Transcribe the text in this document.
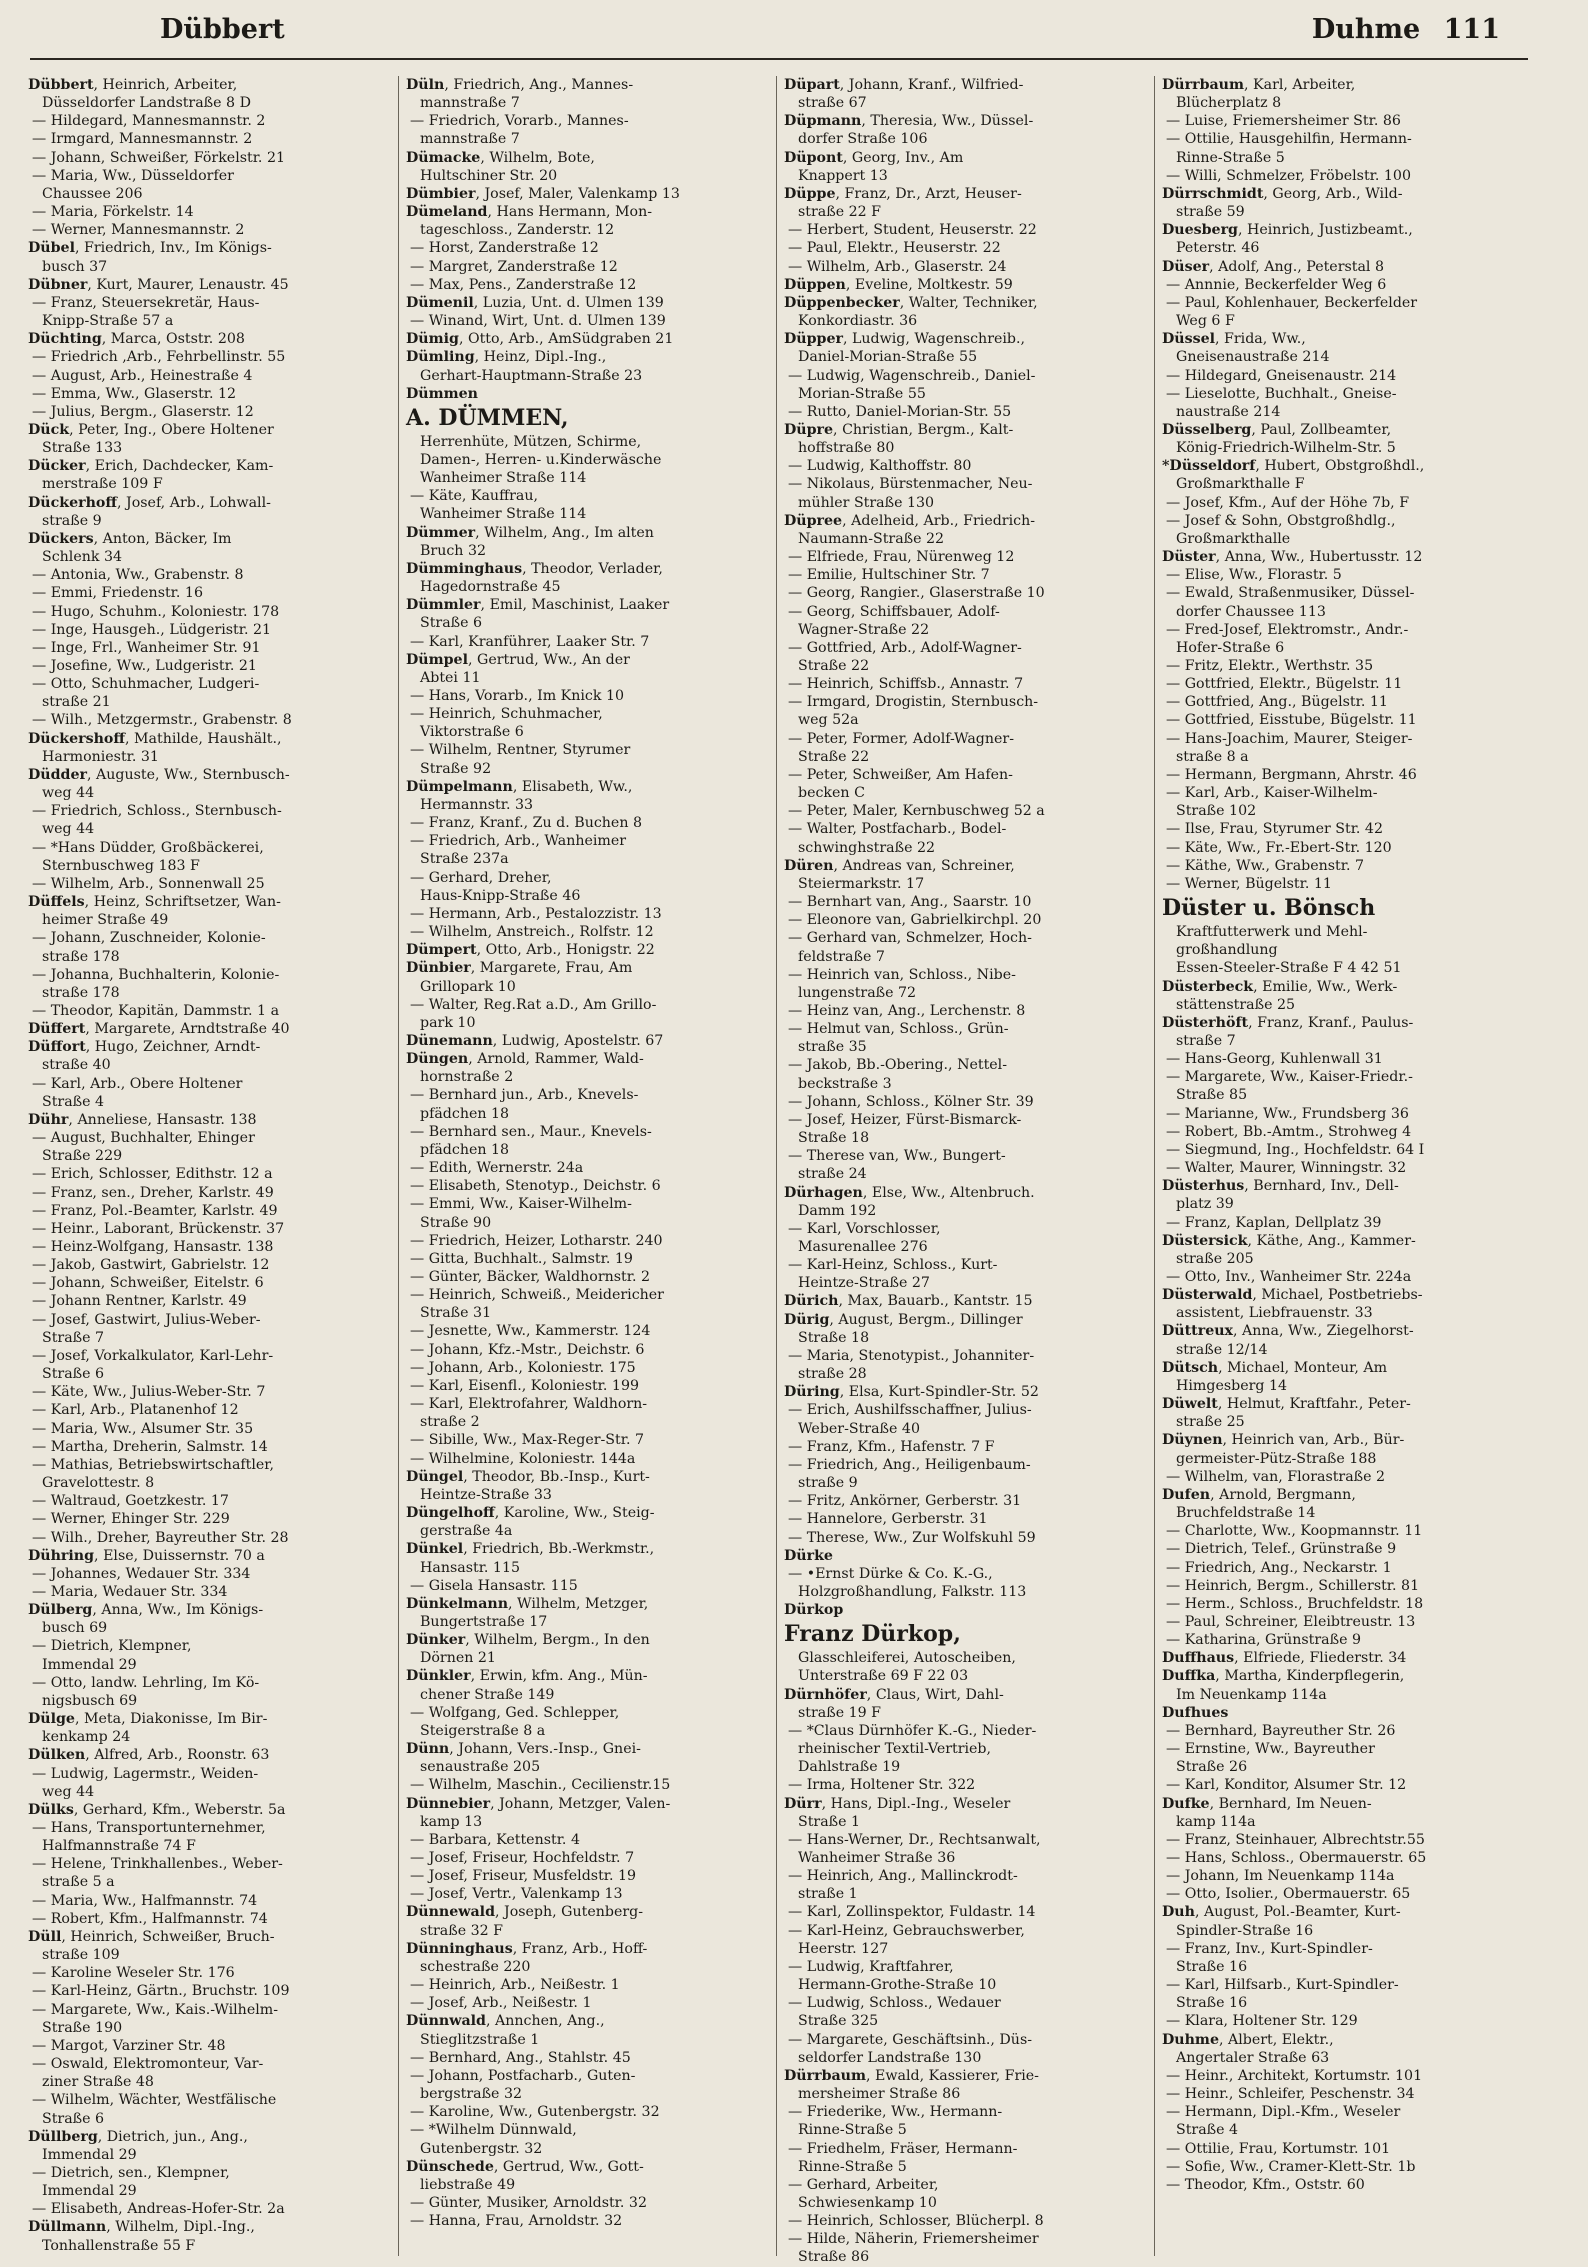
Dübbert	Duhme 111
Dübbert, Heinrich, Arbeiter,
Düsseldorfer Landstraße 8 D
— Hildegard, Mannesmannstr. 2
— Irmgard, Mannesmannstr. 2
— Johann, Schweißer, Förkelstr. 21
— Maria, Ww., Düsseldorfer
Chaussee 206
— Maria, Förkelstr. 14
— Werner, Mannesmannstr. 2
Dübel, Friedrich, Inv., Im Königs-
busch 37
Dübner, Kurt, Maurer, Lenaustr. 45
— Franz, Steuersekretär, Haus-
Knipp-Straße 57 a
Düchting, Marca, Oststr. 208
— Friedrich ,Arb., Fehrbellinstr. 55
— August, Arb., Heinestraße 4
— Emma, Ww., Glaserstr. 12
— Julius, Bergm., Glaserstr. 12
Dück, Peter, Ing., Obere Holtener
Straße 133
Dücker, Erich, Dachdecker, Kam-
merstraße 109 F
Dückerhoff, Josef, Arb., Lohwall-
straße 9
Dückers, Anton, Bäcker, Im
Schlenk 34
— Antonia, Ww., Grabenstr. 8
— Emmi, Friedenstr. 16
— Hugo, Schuhm., Koloniestr. 178
— Inge, Hausgeh., Lüdgeristr. 21
— Inge, Frl., Wanheimer Str. 91
— Josefine, Ww., Ludgeristr. 21
— Otto, Schuhmacher, Ludgeri-
straße 21
— Wilh., Metzgermstr., Grabenstr. 8
Dückershoff, Mathilde, Haushält.,
Harmoniestr. 31
Düdder, Auguste, Ww., Sternbusch-
weg 44
— Friedrich, Schloss., Sternbusch-
weg 44
— *Hans Düdder, Großbäckerei,
Sternbuschweg 183 F
— Wilhelm, Arb., Sonnenwall 25
Düffels, Heinz, Schriftsetzer, Wan-
heimer Straße 49
— Johann, Zuschneider, Kolonie-
straße 178
— Johanna, Buchhalterin, Kolonie-
straße 178
— Theodor, Kapitän, Dammstr. 1 a
Düffert, Margarete, Arndtstraße 40
Düffort, Hugo, Zeichner, Arndt-
straße 40
— Karl, Arb., Obere Holtener
Straße 4
Dühr, Anneliese, Hansastr. 138
— August, Buchhalter, Ehinger
Straße 229
— Erich, Schlosser, Edithstr. 12 a
— Franz, sen., Dreher, Karlstr. 49
— Franz, Pol.-Beamter, Karlstr. 49
— Heinr., Laborant, Brückenstr. 37
— Heinz-Wolfgang, Hansastr. 138
— Jakob, Gastwirt, Gabrielstr. 12
— Johann, Schweißer, Eitelstr. 6
— Johann Rentner, Karlstr. 49
— Josef, Gastwirt, Julius-Weber-
Straße 7
— Josef, Vorkalkulator, Karl-Lehr-
Straße 6
— Käte, Ww., Julius-Weber-Str. 7
— Karl, Arb., Platanenhof 12
— Maria, Ww., Alsumer Str. 35
— Martha, Dreherin, Salmstr. 14
— Mathias, Betriebswirtschaftler,
Gravelottestr. 8
— Waltraud, Goetzkestr. 17
— Werner, Ehinger Str. 229
— Wilh., Dreher, Bayreuther Str. 28
Dühring, Else, Duissernstr. 70 a
— Johannes, Wedauer Str. 334
— Maria, Wedauer Str. 334
Dülberg, Anna, Ww., Im Königs-
busch 69
— Dietrich, Klempner,
Immendal 29
— Otto, landw. Lehrling, Im Kö-
nigsbusch 69
Dülge, Meta, Diakonisse, Im Bir-
kenkamp 24
Dülken, Alfred, Arb., Roonstr. 63
— Ludwig, Lagermstr., Weiden-
weg 44
Dülks, Gerhard, Kfm., Weberstr. 5a
— Hans, Transportunternehmer,
Halfmannstraße 74 F
— Helene, Trinkhallenbes., Weber-
straße 5 a
— Maria, Ww., Halfmannstr. 74
— Robert, Kfm., Halfmannstr. 74
Düll, Heinrich, Schweißer, Bruch-
straße 109
— Karoline Weseler Str. 176
— Karl-Heinz, Gärtn., Bruchstr. 109
— Margarete, Ww., Kais.-Wilhelm-
Straße 190
— Margot, Varziner Str. 48
— Oswald, Elektromonteur, Var-
ziner Straße 48
— Wilhelm, Wächter, Westfälische
Straße 6
Düllberg, Dietrich, jun., Ang.,
Immendal 29
— Dietrich, sen., Klempner,
Immendal 29
— Elisabeth, Andreas-Hofer-Str. 2a
Düllmann, Wilhelm, Dipl.-Ing.,
Tonhallenstraße 55 F
Düln, Friedrich, Ang., Mannes-
mannstraße 7
— Friedrich, Vorarb., Mannes-
mannstraße 7
Dümacke, Wilhelm, Bote,
Hultschiner Str. 20
Dümbier, Josef, Maler, Valenkamp 13
Dümeland, Hans Hermann, Mon-
tageschloss., Zanderstr. 12
— Horst, Zanderstraße 12
— Margret, Zanderstraße 12
— Max, Pens., Zanderstraße 12
Dümenil, Luzia, Unt. d. Ulmen 139
— Winand, Wirt, Unt. d. Ulmen 139
Dümig, Otto, Arb., AmSüdgraben 21
Dümling, Heinz, Dipl.-Ing.,
Gerhart-Hauptmann-Straße 23
Dümmen
A. DÜMMEN,
Herrenhüte, Mützen, Schirme,
Damen-, Herren- u.Kinderwäsche
Wanheimer Straße 114
— Käte, Kauffrau,
Wanheimer Straße 114
Dümmer, Wilhelm, Ang., Im alten
Bruch 32
Dümminghaus, Theodor, Verlader,
Hagedornstraße 45
Dümmler, Emil, Maschinist, Laaker
Straße 6
— Karl, Kranführer, Laaker Str. 7
Dümpel, Gertrud, Ww., An der
Abtei 11
— Hans, Vorarb., Im Knick 10
— Heinrich, Schuhmacher,
Viktorstraße 6
— Wilhelm, Rentner, Styrumer
Straße 92
Dümpelmann, Elisabeth, Ww.,
Hermannstr. 33
— Franz, Kranf., Zu d. Buchen 8
— Friedrich, Arb., Wanheimer
Straße 237a
— Gerhard, Dreher,
Haus-Knipp-Straße 46
— Hermann, Arb., Pestalozzistr. 13
— Wilhelm, Anstreich., Rolfstr. 12
Dümpert, Otto, Arb., Honigstr. 22
Dünbier, Margarete, Frau, Am
Grillopark 10
— Walter, Reg.Rat a.D., Am Grillo-
park 10
Dünemann, Ludwig, Apostelstr. 67
Düngen, Arnold, Rammer, Wald-
hornstraße 2
— Bernhard jun., Arb., Knevels-
pfädchen 18
— Bernhard sen., Maur., Knevels-
pfädchen 18
— Edith, Wernerstr. 24a
— Elisabeth, Stenotyp., Deichstr. 6
— Emmi, Ww., Kaiser-Wilhelm-
Straße 90
— Friedrich, Heizer, Lotharstr. 240
— Gitta, Buchhalt., Salmstr. 19
— Günter, Bäcker, Waldhornstr. 2
— Heinrich, Schweiß., Meidericher
Straße 31
— Jesnette, Ww., Kammerstr. 124
— Johann, Kfz.-Mstr., Deichstr. 6
— Johann, Arb., Koloniestr. 175
— Karl, Eisenfl., Koloniestr. 199
— Karl, Elektrofahrer, Waldhorn-
straße 2
— Sibille, Ww., Max-Reger-Str. 7
— Wilhelmine, Koloniestr. 144a
Düngel, Theodor, Bb.-Insp., Kurt-
Heintze-Straße 33
Düngelhoff, Karoline, Ww., Steig-
gerstraße 4a
Dünkel, Friedrich, Bb.-Werkmstr.,
Hansastr. 115
— Gisela Hansastr. 115
Dünkelmann, Wilhelm, Metzger,
Bungertstraße 17
Dünker, Wilhelm, Bergm., In den
Dörnen 21
Dünkler, Erwin, kfm. Ang., Mün-
chener Straße 149
— Wolfgang, Ged. Schlepper,
Steigerstraße 8 a
Dünn, Johann, Vers.-Insp., Gnei-
senaustraße 205
— Wilhelm, Maschin., Cecilienstr.15
Dünnebier, Johann, Metzger, Valen-
kamp 13
— Barbara, Kettenstr. 4
— Josef, Friseur, Hochfeldstr. 7
— Josef, Friseur, Musfeldstr. 19
— Josef, Vertr., Valenkamp 13
Dünnewald, Joseph, Gutenberg-
straße 32 F
Dünninghaus, Franz, Arb., Hoff-
schestraße 220
— Heinrich, Arb., Neißestr. 1
— Josef, Arb., Neißestr. 1
Dünnwald, Annchen, Ang.,
Stieglitzstraße 1
— Bernhard, Ang., Stahlstr. 45
— Johann, Postfacharb., Guten-
bergstraße 32
— Karoline, Ww., Gutenbergstr. 32
— *Wilhelm Dünnwald,
Gutenbergstr. 32
Dünschede, Gertrud, Ww., Gott-
liebstraße 49
— Günter, Musiker, Arnoldstr. 32
— Hanna, Frau, Arnoldstr. 32
Düpart, Johann, Kranf., Wilfried-
straße 67
Düpmann, Theresia, Ww., Düssel-
dorfer Straße 106
Düpont, Georg, Inv., Am
Knappert 13
Düppe, Franz, Dr., Arzt, Heuser-
straße 22 F
— Herbert, Student, Heuserstr. 22
— Paul, Elektr., Heuserstr. 22
— Wilhelm, Arb., Glaserstr. 24
Düppen, Eveline, Moltkestr. 59
Düppenbecker, Walter, Techniker,
Konkordiastr. 36
Düpper, Ludwig, Wagenschreib.,
Daniel-Morian-Straße 55
— Ludwig, Wagenschreib., Daniel-
Morian-Straße 55
— Rutto, Daniel-Morian-Str. 55
Düpre, Christian, Bergm., Kalt-
hoffstraße 80
— Ludwig, Kalthoffstr. 80
— Nikolaus, Bürstenmacher, Neu-
mühler Straße 130
Düpree, Adelheid, Arb., Friedrich-
Naumann-Straße 22
— Elfriede, Frau, Nürenweg 12
— Emilie, Hultschiner Str. 7
— Georg, Rangier., Glaserstraße 10
— Georg, Schiffsbauer, Adolf-
Wagner-Straße 22
— Gottfried, Arb., Adolf-Wagner-
Straße 22
— Heinrich, Schiffsb., Annastr. 7
— Irmgard, Drogistin, Sternbusch-
weg 52a
— Peter, Former, Adolf-Wagner-
Straße 22
— Peter, Schweißer, Am Hafen-
becken C
— Peter, Maler, Kernbuschweg 52 a
— Walter, Postfacharb., Bodel-
schwinghstraße 22
Düren, Andreas van, Schreiner,
Steiermarkstr. 17
— Bernhart van, Ang., Saarstr. 10
— Eleonore van, Gabrielkirchpl. 20
— Gerhard van, Schmelzer, Hoch-
feldstraße 7
— Heinrich van, Schloss., Nibe-
lungenstraße 72
— Heinz van, Ang., Lerchenstr. 8
— Helmut van, Schloss., Grün-
straße 35
— Jakob, Bb.-Obering., Nettel-
beckstraße 3
— Johann, Schloss., Kölner Str. 39
— Josef, Heizer, Fürst-Bismarck-
Straße 18
— Therese van, Ww., Bungert-
straße 24
Dürhagen, Else, Ww., Altenbruch.
Damm 192
— Karl, Vorschlosser,
Masurenallee 276
— Karl-Heinz, Schloss., Kurt-
Heintze-Straße 27
Dürich, Max, Bauarb., Kantstr. 15
Dürig, August, Bergm., Dillinger
Straße 18
— Maria, Stenotypist., Johanniter-
straße 28
Düring, Elsa, Kurt-Spindler-Str. 52
— Erich, Aushilfsschaffner, Julius-
Weber-Straße 40
— Franz, Kfm., Hafenstr. 7 F
— Friedrich, Ang., Heiligenbaum-
straße 9
— Fritz, Ankörner, Gerberstr. 31
— Hannelore, Gerberstr. 31
— Therese, Ww., Zur Wolfskuhl 59
Dürke
— •Ernst Dürke & Co. K.-G.,
Holzgroßhandlung, Falkstr. 113
Dürkop
Franz Dürkop,
Glasschleiferei, Autoscheiben,
Unterstraße 69 F 22 03
Dürnhöfer, Claus, Wirt, Dahl-
straße 19 F
— *Claus Dürnhöfer K.-G., Nieder-
rheinischer Textil-Vertrieb,
Dahlstraße 19
— Irma, Holtener Str. 322
Dürr, Hans, Dipl.-Ing., Weseler
Straße 1
— Hans-Werner, Dr., Rechtsanwalt,
Wanheimer Straße 36
— Heinrich, Ang., Mallinckrodt-
straße 1
— Karl, Zollinspektor, Fuldastr. 14
— Karl-Heinz, Gebrauchswerber,
Heerstr. 127
— Ludwig, Kraftfahrer,
Hermann-Grothe-Straße 10
— Ludwig, Schloss., Wedauer
Straße 325
— Margarete, Geschäftsinh., Düs-
seldorfer Landstraße 130
Dürrbaum, Ewald, Kassierer, Frie-
mersheimer Straße 86
— Friederike, Ww., Hermann-
Rinne-Straße 5
— Friedhelm, Fräser, Hermann-
Rinne-Straße 5
— Gerhard, Arbeiter,
Schwiesenkamp 10
— Heinrich, Schlosser, Blücherpl. 8
— Hilde, Näherin, Friemersheimer
Straße 86
Dürrbaum, Karl, Arbeiter,
Blücherplatz 8
— Luise, Friemersheimer Str. 86
— Ottilie, Hausgehilfin, Hermann-
Rinne-Straße 5
— Willi, Schmelzer, Fröbelstr. 100
Dürrschmidt, Georg, Arb., Wild-
straße 59
Duesberg, Heinrich, Justizbeamt.,
Peterstr. 46
Düser, Adolf, Ang., Peterstal 8
— Annnie, Beckerfelder Weg 6
— Paul, Kohlenhauer, Beckerfelder
Weg 6 F
Düssel, Frida, Ww.,
Gneisenaustraße 214
— Hildegard, Gneisenaustr. 214
— Lieselotte, Buchhalt., Gneise-
naustraße 214
Düsselberg, Paul, Zollbeamter,
König-Friedrich-Wilhelm-Str. 5
*Düsseldorf, Hubert, Obstgroßhdl.,
Großmarkthalle F
— Josef, Kfm., Auf der Höhe 7b, F
— Josef & Sohn, Obstgroßhdlg.,
Großmarkthalle
Düster, Anna, Ww., Hubertusstr. 12
— Elise, Ww., Florastr. 5
— Ewald, Straßenmusiker, Düssel-
dorfer Chaussee 113
— Fred-Josef, Elektromstr., Andr.-
Hofer-Straße 6
— Fritz, Elektr., Werthstr. 35
— Gottfried, Elektr., Bügelstr. 11
— Gottfried, Ang., Bügelstr. 11
— Gottfried, Eisstube, Bügelstr. 11
— Hans-Joachim, Maurer, Steiger-
straße 8 a
— Hermann, Bergmann, Ahrstr. 46
— Karl, Arb., Kaiser-Wilhelm-
Straße 102
— Ilse, Frau, Styrumer Str. 42
— Käte, Ww., Fr.-Ebert-Str. 120
— Käthe, Ww., Grabenstr. 7
— Werner, Bügelstr. 11
Düster u. Bönsch
Kraftfutterwerk und Mehl-
großhandlung
Essen-Steeler-Straße F 4 42 51
Düsterbeck, Emilie, Ww., Werk-
stättenstraße 25
Düsterhöft, Franz, Kranf., Paulus-
straße 7
— Hans-Georg, Kuhlenwall 31
— Margarete, Ww., Kaiser-Friedr.-
Straße 85
— Marianne, Ww., Frundsberg 36
— Robert, Bb.-Amtm., Strohweg 4
— Siegmund, Ing., Hochfeldstr. 64 I
— Walter, Maurer, Winningstr. 32
Düsterhus, Bernhard, Inv., Dell-
platz 39
— Franz, Kaplan, Dellplatz 39
Düstersick, Käthe, Ang., Kammer-
straße 205
— Otto, Inv., Wanheimer Str. 224a
Düsterwald, Michael, Postbetriebs-
assistent, Liebfrauenstr. 33
Düttreux, Anna, Ww., Ziegelhorst-
straße 12/14
Dütsch, Michael, Monteur, Am
Himgesberg 14
Düwelt, Helmut, Kraftfahr., Peter-
straße 25
Düynen, Heinrich van, Arb., Bür-
germeister-Pütz-Straße 188
— Wilhelm, van, Florastraße 2
Dufen, Arnold, Bergmann,
Bruchfeldstraße 14
— Charlotte, Ww., Koopmannstr. 11
— Dietrich, Telef., Grünstraße 9
— Friedrich, Ang., Neckarstr. 1
— Heinrich, Bergm., Schillerstr. 81
— Herm., Schloss., Bruchfeldstr. 18
— Paul, Schreiner, Eleibtreustr. 13
— Katharina, Grünstraße 9
Duffhaus, Elfriede, Fliederstr. 34
Duffka, Martha, Kinderpflegerin,
Im Neuenkamp 114a
Dufhues
— Bernhard, Bayreuther Str. 26
— Ernstine, Ww., Bayreuther
Straße 26
— Karl, Konditor, Alsumer Str. 12
Dufke, Bernhard, Im Neuen-
kamp 114a
— Franz, Steinhauer, Albrechtstr.55
— Hans, Schloss., Obermauerstr. 65
— Johann, Im Neuenkamp 114a
— Otto, Isolier., Obermauerstr. 65
Duh, August, Pol.-Beamter, Kurt-
Spindler-Straße 16
— Franz, Inv., Kurt-Spindler-
Straße 16
— Karl, Hilfsarb., Kurt-Spindler-
Straße 16
— Klara, Holtener Str. 129
Duhme, Albert, Elektr.,
Angertaler Straße 63
— Heinr., Architekt, Kortumstr. 101
— Heinr., Schleifer, Peschenstr. 34
— Hermann, Dipl.-Kfm., Weseler
Straße 4
— Ottilie, Frau, Kortumstr. 101
— Sofie, Ww., Cramer-Klett-Str. 1b
— Theodor, Kfm., Oststr. 60
